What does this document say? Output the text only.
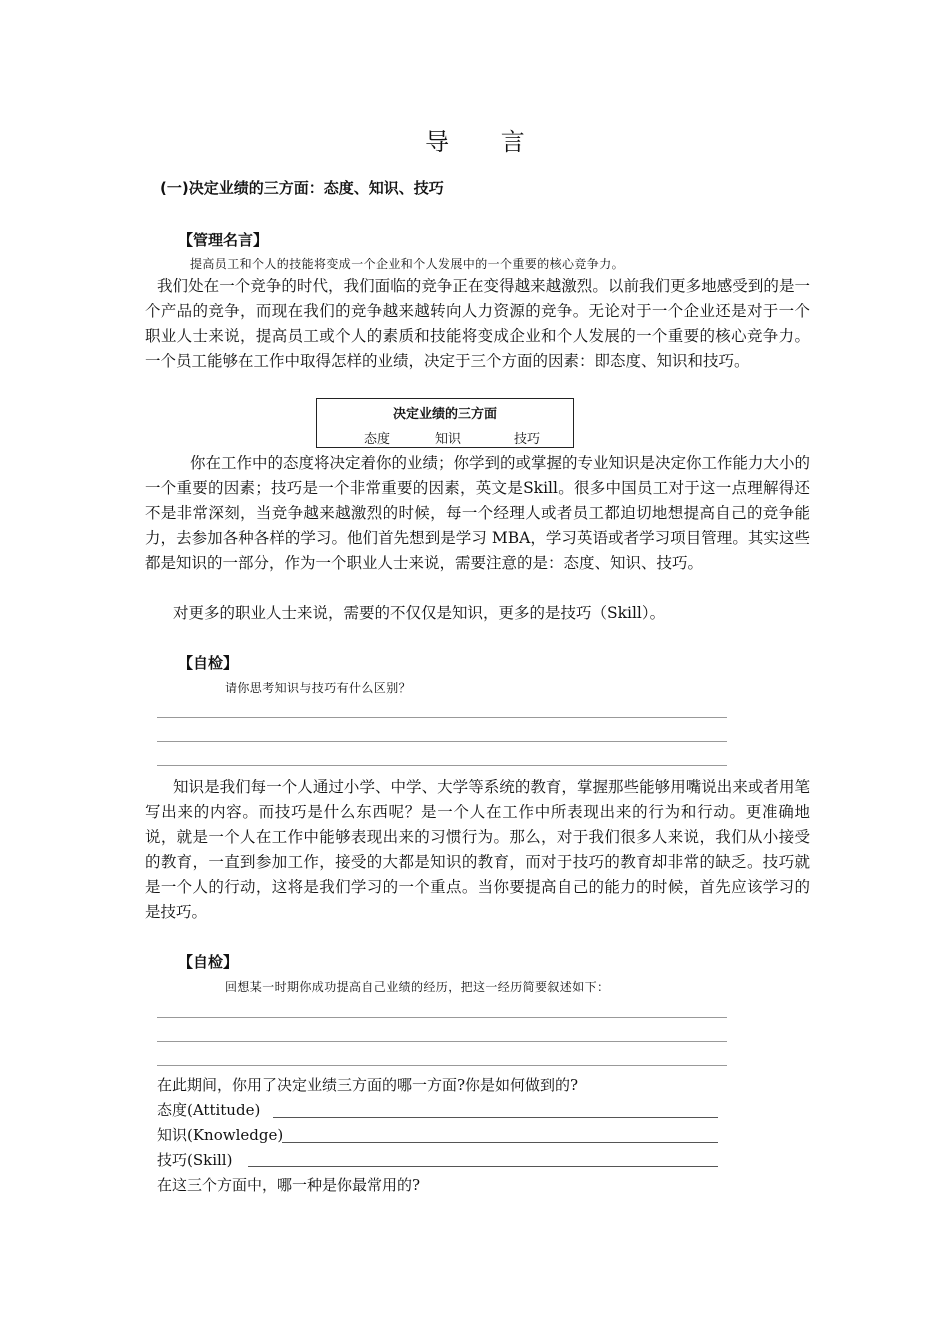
导 言
(一)决定业绩的三方面：态度、知识、技巧
【管理名言】
提高员工和个人的技能将变成一个企业和个人发展中的一个重要的核心竞争力。
我们处在一个竞争的时代，我们面临的竞争正在变得越来越激烈。以前我们更多地感受到的是一个产品的竞争，而现在我们的竞争越来越转向人力资源的竞争。无论对于一个企业还是对于一个职业人士来说，提高员工或个人的素质和技能将变成企业和个人发展的一个重要的核心竞争力。一个员工能够在工作中取得怎样的业绩，决定于三个方面的因素：即态度、知识和技巧。
决定业绩的三方面
态度	知识	技巧
你在工作中的态度将决定着你的业绩；你学到的或掌握的专业知识是决定你工作能力大小的一个重要的因素；技巧是一个非常重要的因素，英文是Skill。很多中国员工对于这一点理解得还不是非常深刻，当竞争越来越激烈的时候，每一个经理人或者员工都迫切地想提高自己的竞争能力，去参加各种各样的学习。他们首先想到是学习 MBA，学习英语或者学习项目管理。其实这些都是知识的一部分，作为一个职业人士来说，需要注意的是：态度、知识、技巧。
对更多的职业人士来说，需要的不仅仅是知识，更多的是技巧（Skill）。
【自检】
请你思考知识与技巧有什么区别？
知识是我们每一个人通过小学、中学、大学等系统的教育，掌握那些能够用嘴说出来或者用笔写出来的内容。而技巧是什么东西呢？是一个人在工作中所表现出来的行为和行动。更准确地说，就是一个人在工作中能够表现出来的习惯行为。那么，对于我们很多人来说，我们从小接受的教育，一直到参加工作，接受的大都是知识的教育，而对于技巧的教育却非常的缺乏。技巧就是一个人的行动，这将是我们学习的一个重点。当你要提高自己的能力的时候，首先应该学习的是技巧。
【自检】
回想某一时期你成功提高自己业绩的经历，把这一经历简要叙述如下：
在此期间，你用了决定业绩三方面的哪一方面?你是如何做到的?
态度(Attitude)
知识(Knowledge)
技巧(Skill)
在这三个方面中，哪一种是你最常用的?
